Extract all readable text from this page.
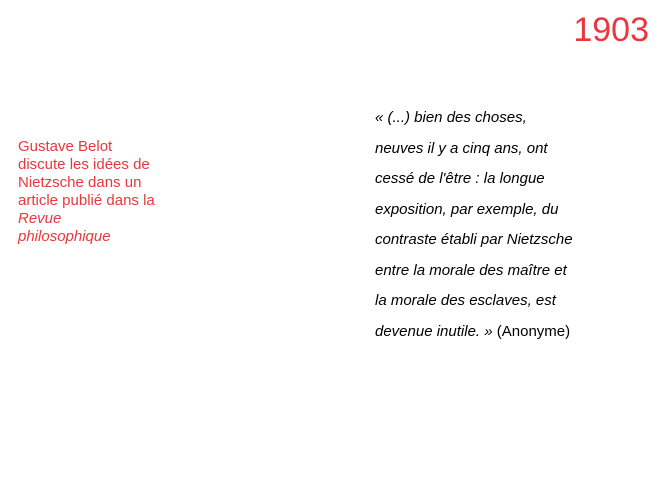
1903
Gustave Belot
discute les idées de
Nietzsche dans un
article publié dans la
Revue
philosophique
« (...) bien des choses,
neuves il y a cinq ans, ont
cessé de l'être : la longue
exposition, par exemple, du
contraste établi par Nietzsche
entre la morale des maître et
la morale des esclaves, est
devenue inutile. » (Anonyme)
